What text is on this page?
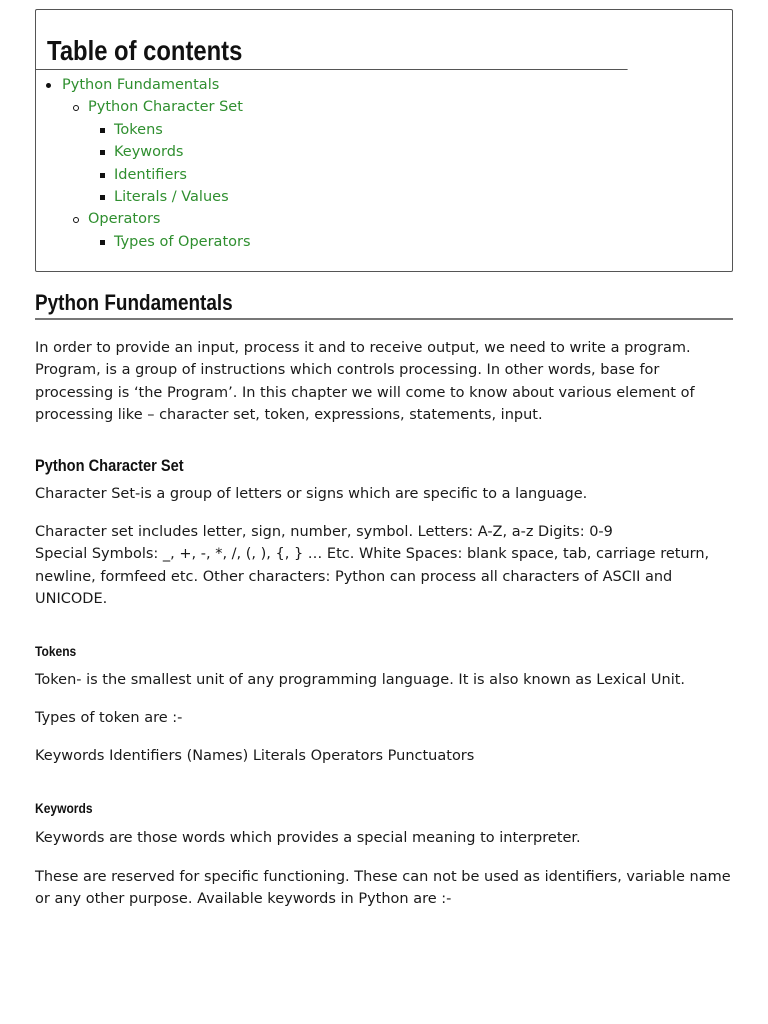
Table of contents
Python Fundamentals
Python Character Set
Tokens
Keywords
Identifiers
Literals / Values
Operators
Types of Operators
Python Fundamentals

In order to provide an input, process it and to receive output, we need to write a program. Program, is a group of instructions which controls processing. In other words, base for processing is ‘the Program’. In this chapter we will come to know about various element of processing like – character set, token, expressions, statements, input.

Python Character Set

Character Set-is a group of letters or signs which are specific to a language.

Character set includes letter, sign, number, symbol. Letters: A-Z, a-z Digits: 0-9

Special Symbols: _, +, -, *, /, (, ), {, } … Etc. White Spaces: blank space, tab, carriage return, newline, formfeed etc. Other characters: Python can process all characters of ASCII and UNICODE.

Tokens

Token- is the smallest unit of any programming language. It is also known as Lexical Unit.

Types of token are :-

Keywords Identifiers (Names) Literals Operators Punctuators

Keywords

Keywords are those words which provides a special meaning to interpreter.

These are reserved for specific functioning. These can not be used as identifiers, variable name or any other purpose. Available keywords in Python are :-
